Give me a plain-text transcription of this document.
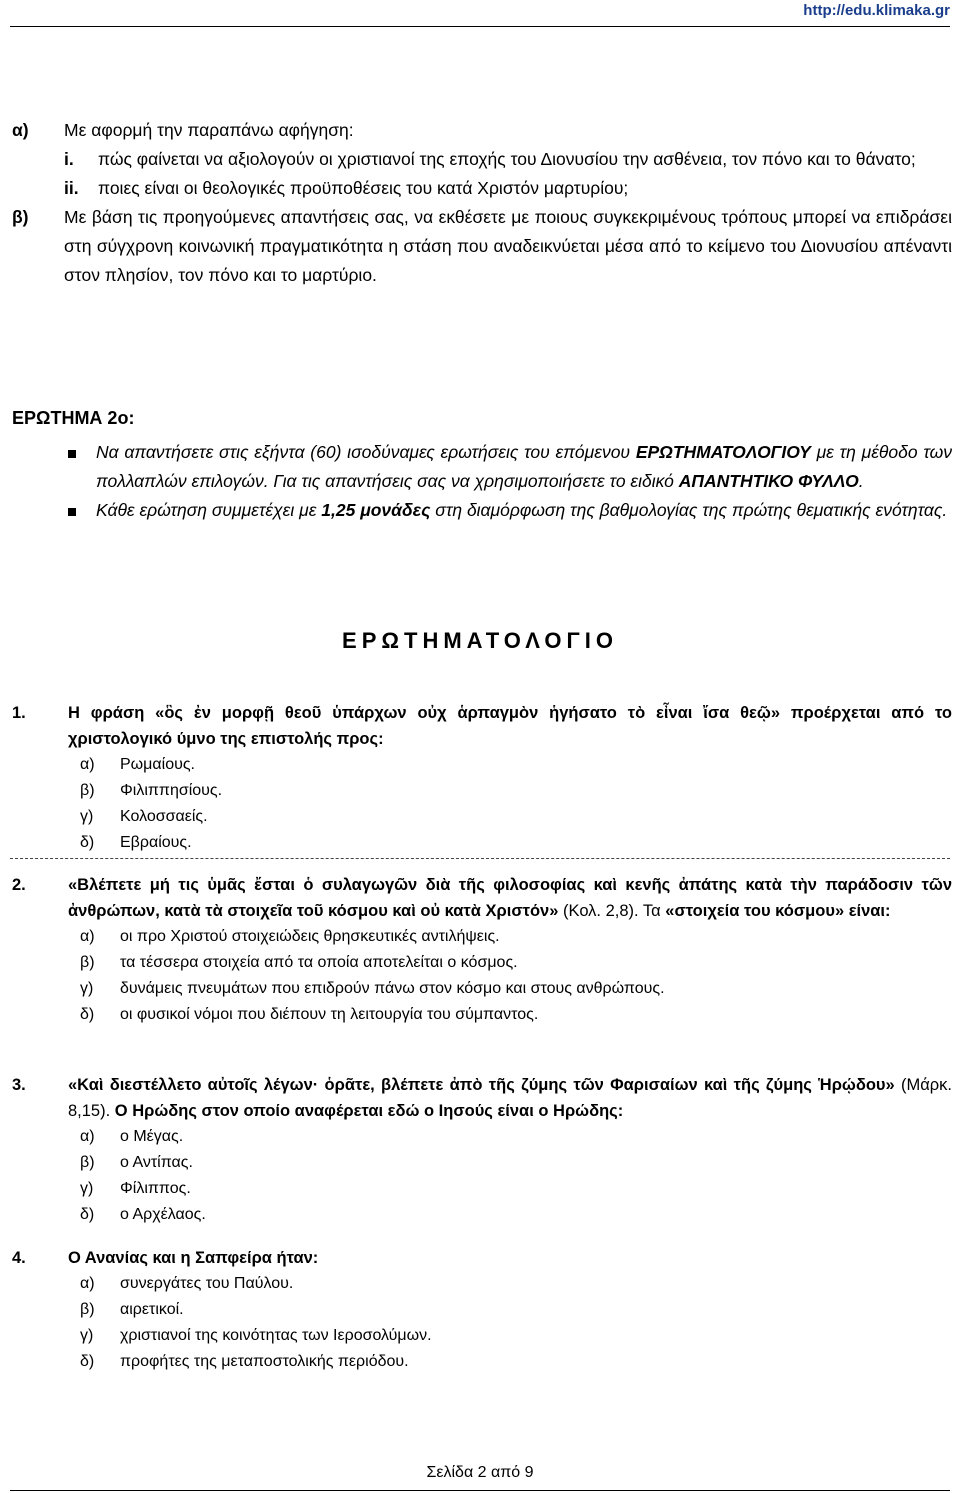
http://edu.klimaka.gr
α)	Με αφορμή την παραπάνω αφήγηση:
i.	πώς φαίνεται να αξιολογούν οι χριστιανοί της εποχής του Διονυσίου την ασθένεια, τον πόνο και το θάνατο;
ii.	ποιες είναι οι θεολογικές προϋποθέσεις του κατά Χριστόν μαρτυρίου;
β)	Με βάση τις προηγούμενες απαντήσεις σας, να εκθέσετε με ποιους συγκεκριμένους τρόπους μπορεί να επιδράσει στη σύγχρονη κοινωνική πραγματικότητα η στάση που αναδεικνύεται μέσα από το κείμενο του Διονυσίου απέναντι στον πλησίον, τον πόνο και το μαρτύριο.
ΕΡΩΤΗΜΑ 2ο:
Να απαντήσετε στις εξήντα (60) ισοδύναμες ερωτήσεις του επόμενου ΕΡΩΤΗΜΑΤΟΛΟΓΙΟΥ με τη μέθοδο των πολλαπλών επιλογών. Για τις απαντήσεις σας να χρησιμοποιήσετε το ειδικό ΑΠΑΝΤΗΤΙΚΟ ΦΥΛΛΟ.
Κάθε ερώτηση συμμετέχει με 1,25 μονάδες στη διαμόρφωση της βαθμολογίας της πρώτης θεματικής ενότητας.
ΕΡΩΤΗΜΑΤΟΛΟΓΙΟ
1.	Η φράση «ὃς ἐν μορφῇ θεοῦ ὑπάρχων οὐχ ἁρπαγμὸν ἡγήσατο τὸ εἶναι ἴσα θεῷ» προέρχεται από το χριστολογικό ύμνο της επιστολής προς:
α)	Ρωμαίους.
β)	Φιλιππησίους.
γ)	Κολοσσαείς.
δ)	Εβραίους.
2.	«Βλέπετε μή τις ὑμᾶς ἔσται ὁ συλαγωγῶν διὰ τῆς φιλοσοφίας καὶ κενῆς ἀπάτης κατὰ τὴν παράδοσιν τῶν ἀνθρώπων, κατὰ τὰ στοιχεῖα τοῦ κόσμου καὶ οὐ κατὰ Χριστόν» (Κολ. 2,8). Τα «στοιχεία του κόσμου» είναι:
α)	οι προ Χριστού στοιχειώδεις θρησκευτικές αντιλήψεις.
β)	τα τέσσερα στοιχεία από τα οποία αποτελείται ο κόσμος.
γ)	δυνάμεις πνευμάτων που επιδρούν πάνω στον κόσμο και στους ανθρώπους.
δ)	οι φυσικοί νόμοι που διέπουν τη λειτουργία του σύμπαντος.
3.	«Καὶ διεστέλλετο αὐτοῖς λέγων· ὁρᾶτε, βλέπετε ἀπὸ τῆς ζύμης τῶν Φαρισαίων καὶ τῆς ζύμης Ἡρῴδου» (Μάρκ. 8,15). Ο Ηρώδης στον οποίο αναφέρεται εδώ ο Ιησούς είναι ο Ηρώδης:
α)	ο Μέγας.
β)	ο Αντίπας.
γ)	Φίλιππος.
δ)	ο Αρχέλαος.
4.	Ο Ανανίας και η Σαπφείρα ήταν:
α)	συνεργάτες του Παύλου.
β)	αιρετικοί.
γ)	χριστιανοί της κοινότητας των Ιεροσολύμων.
δ)	προφήτες της μεταποστολικής περιόδου.
Σελίδα 2 από 9
